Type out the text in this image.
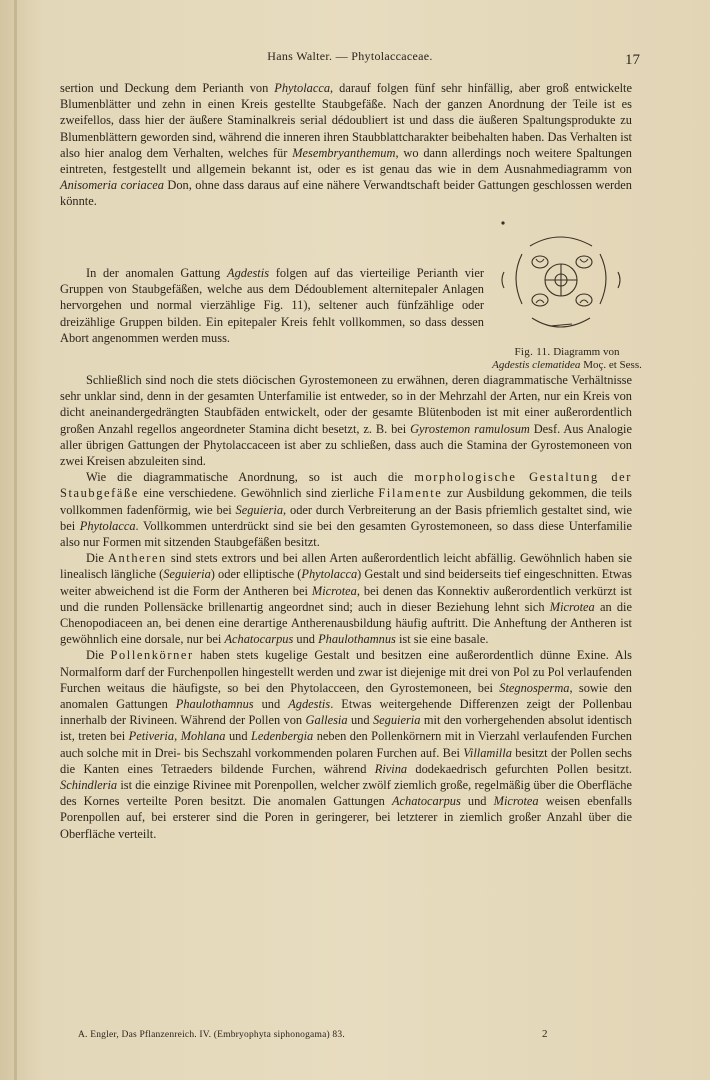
Hans Walter. — Phytolaccaceae.	17

sertion und Deckung dem Perianth von Phytolacca, darauf folgen fünf sehr hinfällig, aber groß entwickelte Blumenblätter und zehn in einen Kreis gestellte Staubgefäße. Nach der ganzen Anordnung der Teile ist es zweifellos, dass hier der äußere Staminalkreis serial dédoubliert ist und dass die äußeren Spaltungsprodukte zu Blumenblättern geworden sind, während die inneren ihren Staubblattcharakter beibehalten haben. Das Verhalten ist also hier analog dem Verhalten, welches für Mesembryanthemum, wo dann allerdings noch weitere Spaltungen eintreten, festgestellt und allgemein bekannt ist, oder es ist genau das wie in dem Ausnahmediagramm von Anisomeria coriacea Don, ohne dass daraus auf eine nähere Verwandtschaft beider Gattungen geschlossen werden könnte.

In der anomalen Gattung Agdestis folgen auf das vierteilige Perianth vier Gruppen von Staubgefäßen, welche aus dem Dédoublement alternitepaler Anlagen hervorgehen und normal vierzählige Fig. 11), seltener auch fünfzählige oder dreizählige Gruppen bilden. Ein epitepaler Kreis fehlt vollkommen, so dass dessen Abort angenommen werden muss.

Fig. 11. Diagramm von
Agdestis clematidea Moç. et Sess.

Schließlich sind noch die stets diöcischen Gyrostemoneen zu erwähnen, deren diagrammatische Verhältnisse sehr unklar sind, denn in der gesamten Unterfamilie ist entweder, so in der Mehrzahl der Arten, nur ein Kreis von dicht aneinandergedrängten Staubfäden entwickelt, oder der gesamte Blütenboden ist mit einer außerordentlich großen Anzahl regellos angeordneter Stamina dicht besetzt, z. B. bei Gyrostemon ramulosum Desf. Aus Analogie aller übrigen Gattungen der Phytolaccaceen ist aber zu schließen, dass auch die Stamina der Gyrostemoneen von zwei Kreisen abzuleiten sind.

Wie die diagrammatische Anordnung, so ist auch die morphologische Gestaltung der Staubgefäße eine verschiedene. Gewöhnlich sind zierliche Filamente zur Ausbildung gekommen, die teils vollkommen fadenförmig, wie bei Seguieria, oder durch Verbreiterung an der Basis pfriemlich gestaltet sind, wie bei Phytolacca. Vollkommen unterdrückt sind sie bei den gesamten Gyrostemoneen, so dass diese Unterfamilie also nur Formen mit sitzenden Staubgefäßen besitzt.

Die Antheren sind stets extrors und bei allen Arten außerordentlich leicht abfällig. Gewöhnlich haben sie linealisch längliche (Seguieria) oder elliptische (Phytolacca) Gestalt und sind beiderseits tief eingeschnitten. Etwas weiter abweichend ist die Form der Antheren bei Microtea, bei denen das Konnektiv außerordentlich verkürzt ist und die runden Pollensäcke brillenartig angeordnet sind; auch in dieser Beziehung lehnt sich Microtea an die Chenopodiaceen an, bei denen eine derartige Antherenausbildung häufig auftritt. Die Anheftung der Antheren ist gewöhnlich eine dorsale, nur bei Achatocarpus und Phaulothamnus ist sie eine basale.

Die Pollenkörner haben stets kugelige Gestalt und besitzen eine außerordentlich dünne Exine. Als Normalform darf der Furchenpollen hingestellt werden und zwar ist diejenige mit drei von Pol zu Pol verlaufenden Furchen weitaus die häufigste, so bei den Phytolacceen, den Gyrostemoneen, bei Stegnosperma, sowie den anomalen Gattungen Phaulothamnus und Agdestis. Etwas weitergehende Differenzen zeigt der Pollenbau innerhalb der Rivineen. Während der Pollen von Gallesia und Seguieria mit den vorhergehenden absolut identisch ist, treten bei Petiveria, Mohlana und Ledenbergia neben den Pollenkörnern mit in Vierzahl verlaufenden Furchen auch solche mit in Drei- bis Sechszahl vorkommenden polaren Furchen auf. Bei Villamilla besitzt der Pollen sechs die Kanten eines Tetraeders bildende Furchen, während Rivina dodekaedrisch gefurchten Pollen besitzt. Schindleria ist die einzige Rivinee mit Porenpollen, welcher zwölf ziemlich große, regelmäßig über die Oberfläche des Kornes verteilte Poren besitzt. Die anomalen Gattungen Achatocarpus und Microtea weisen ebenfalls Porenpollen auf, bei ersterer sind die Poren in geringerer, bei letzterer in ziemlich großer Anzahl über die Oberfläche verteilt.

A. Engler, Das Pflanzenreich. IV. (Embryophyta siphonogama) 83.	2
